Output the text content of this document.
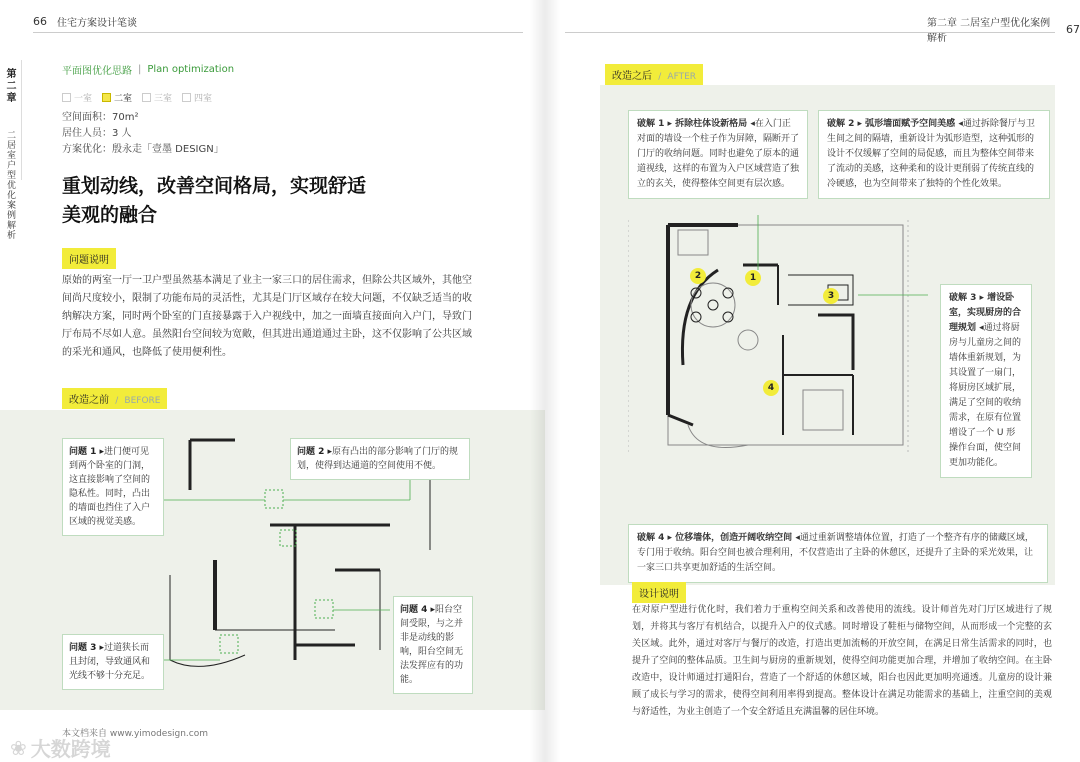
66 住宅方案设计笔谈
第二章
二居室户型优化案例解析
平面图优化思路 | Plan optimization
一室 二室 三室 四室
空间面积：70m²
居住人员：3 人
方案优化：殷永走「壹墨 DESIGN」
重划动线，改善空间格局，实现舒适
美观的融合
问题说明
原始的两室一厅一卫户型虽然基本满足了业主一家三口的居住需求，但除公共区域外，其他空间尚尺度较小，限制了功能布局的灵活性，尤其是门厅区域存在较大问题，不仅缺乏适当的收纳解决方案，同时两个卧室的门直接暴露于入户视线中，加之一面墙直接面向入户门，导致门厅布局不尽如人意。虽然阳台空间较为宽敞，但其进出通道通过主卧，这不仅影响了公共区域的采光和通风，也降低了使用便利性。
改造之前 / BEFORE
问题 1 ▸进门便可见到两个卧室的门洞，这直接影响了空间的隐私性。同时，凸出的墙面也挡住了入户区域的视觉美感。
问题 2 ▸原有凸出的部分影响了门厅的规划，使得到达通道的空间使用不便。
问题 3 ▸过道狭长而且封闭，导致通风和光线不够十分充足。
问题 4 ▸阳台空间受限，与之并非是动线的影响，阳台空间无法发挥应有的功能。
本文档来自 www.yimodesign.com
第二章 二居室户型优化案例解析
67
改造之后 / AFTER
破解 1 ▸ 拆除柱体设新格局 ◂在入门正对面的墙设一个柱子作为屏障，隔断开了门厅的收纳问题。同时也避免了原本的通道视线，这样的布置为入户区域营造了独立的玄关，使得整体空间更有层次感。
破解 2 ▸ 弧形墙面赋予空间美感 ◂通过拆除餐厅与卫生间之间的隔墙，重新设计为弧形造型，这种弧形的设计不仅缓解了空间的局促感，而且为整体空间带来了流动的美感，这种柔和的设计更削弱了传统直线的冷硬感，也为空间带来了独特的个性化效果。
破解 3 ▸ 增设卧室，实现厨房的合理规划 ◂通过将厨房与儿童房之间的墙体重新规划，为其设置了一扇门，将厨房区域扩展，满足了空间的收纳需求，在原有位置增设了一个 U 形操作台面，使空间更加功能化。
破解 4 ▸ 位移墙体，创造开阔收纳空间 ◂通过重新调整墙体位置，打造了一个整齐有序的储藏区域，专门用于收纳。阳台空间也被合理利用，不仅营造出了主卧的休憩区，还提升了主卧的采光效果，让一家三口共享更加舒适的生活空间。
1
2
3
4
设计说明
在对原户型进行优化时，我们着力于重构空间关系和改善使用的流线。设计师首先对门厅区域进行了规划，并将其与客厅有机结合，以提升入户的仪式感。同时增设了鞋柜与储物空间，从而形成一个完整的玄关区域。此外，通过对客厅与餐厅的改造，打造出更加流畅的开放空间，在满足日常生活需求的同时，也提升了空间的整体品质。卫生间与厨房的重新规划，使得空间功能更加合理，并增加了收纳空间。在主卧改造中，设计师通过打通阳台，营造了一个舒适的休憩区域，阳台也因此更加明亮通透。儿童房的设计兼顾了成长与学习的需求，使得空间利用率得到提高。整体设计在满足功能需求的基础上，注重空间的美观与舒适性，为业主创造了一个安全舒适且充满温馨的居住环境。
❀ 大数跨境
